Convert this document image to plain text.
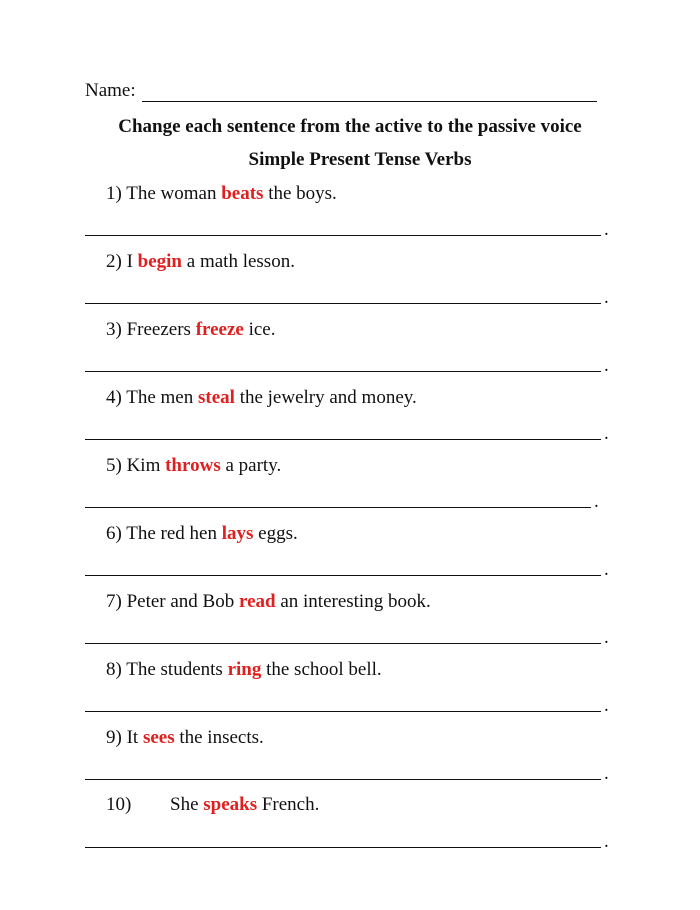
Name:
Change each sentence from the active to the passive voice
Simple Present Tense Verbs
1) The woman beats the boys.
.
2) I begin a math lesson.
.
3) Freezers freeze ice.
.
4) The men steal the jewelry and money.
.
5) Kim throws a party.
.
6) The red hen lays eggs.
.
7) Peter and Bob read an interesting book.
.
8) The students ring the school bell.
.
9) It sees the insects.
.
10) She speaks French.
.
